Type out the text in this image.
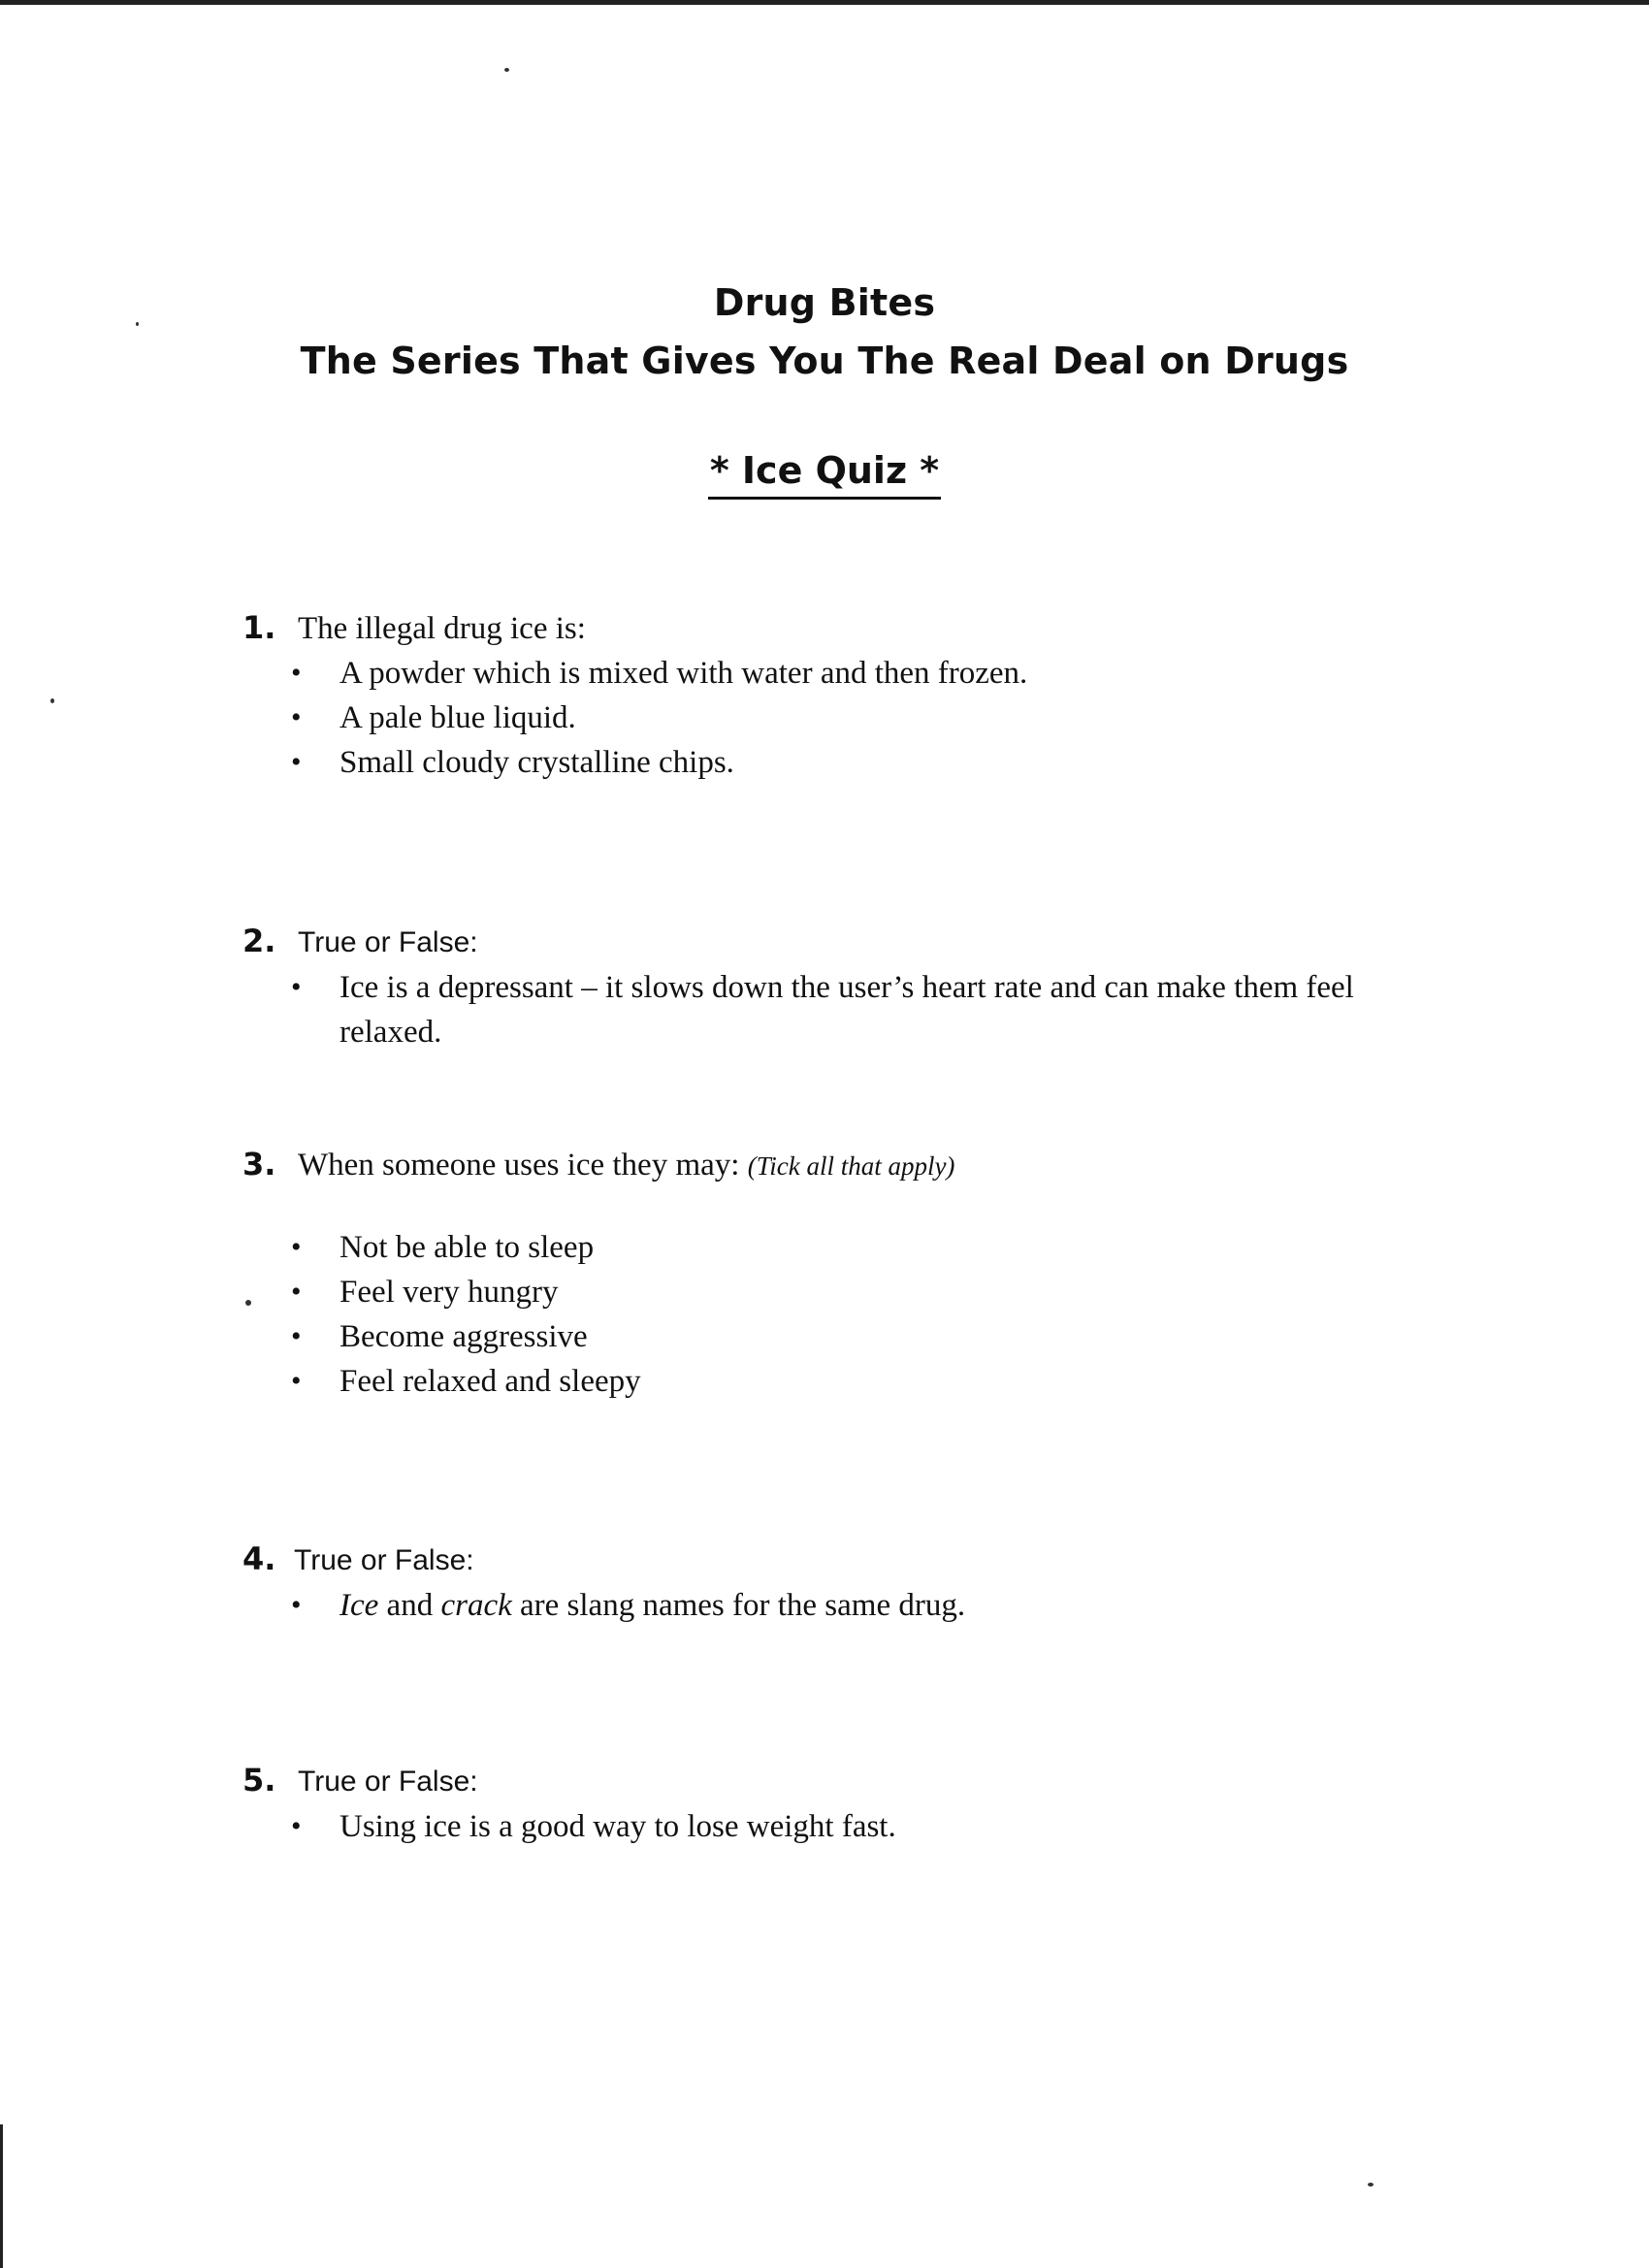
Drug Bites
The Series That Gives You The Real Deal on Drugs
* Ice Quiz *
1. The illegal drug ice is:
• A powder which is mixed with water and then frozen.
• A pale blue liquid.
• Small cloudy crystalline chips.
2. True or False:
• Ice is a depressant – it slows down the user’s heart rate and can make them feel relaxed.
3. When someone uses ice they may: (Tick all that apply)
• Not be able to sleep
• Feel very hungry
• Become aggressive
• Feel relaxed and sleepy
4. True or False:
• Ice and crack are slang names for the same drug.
5. True or False:
• Using ice is a good way to lose weight fast.
